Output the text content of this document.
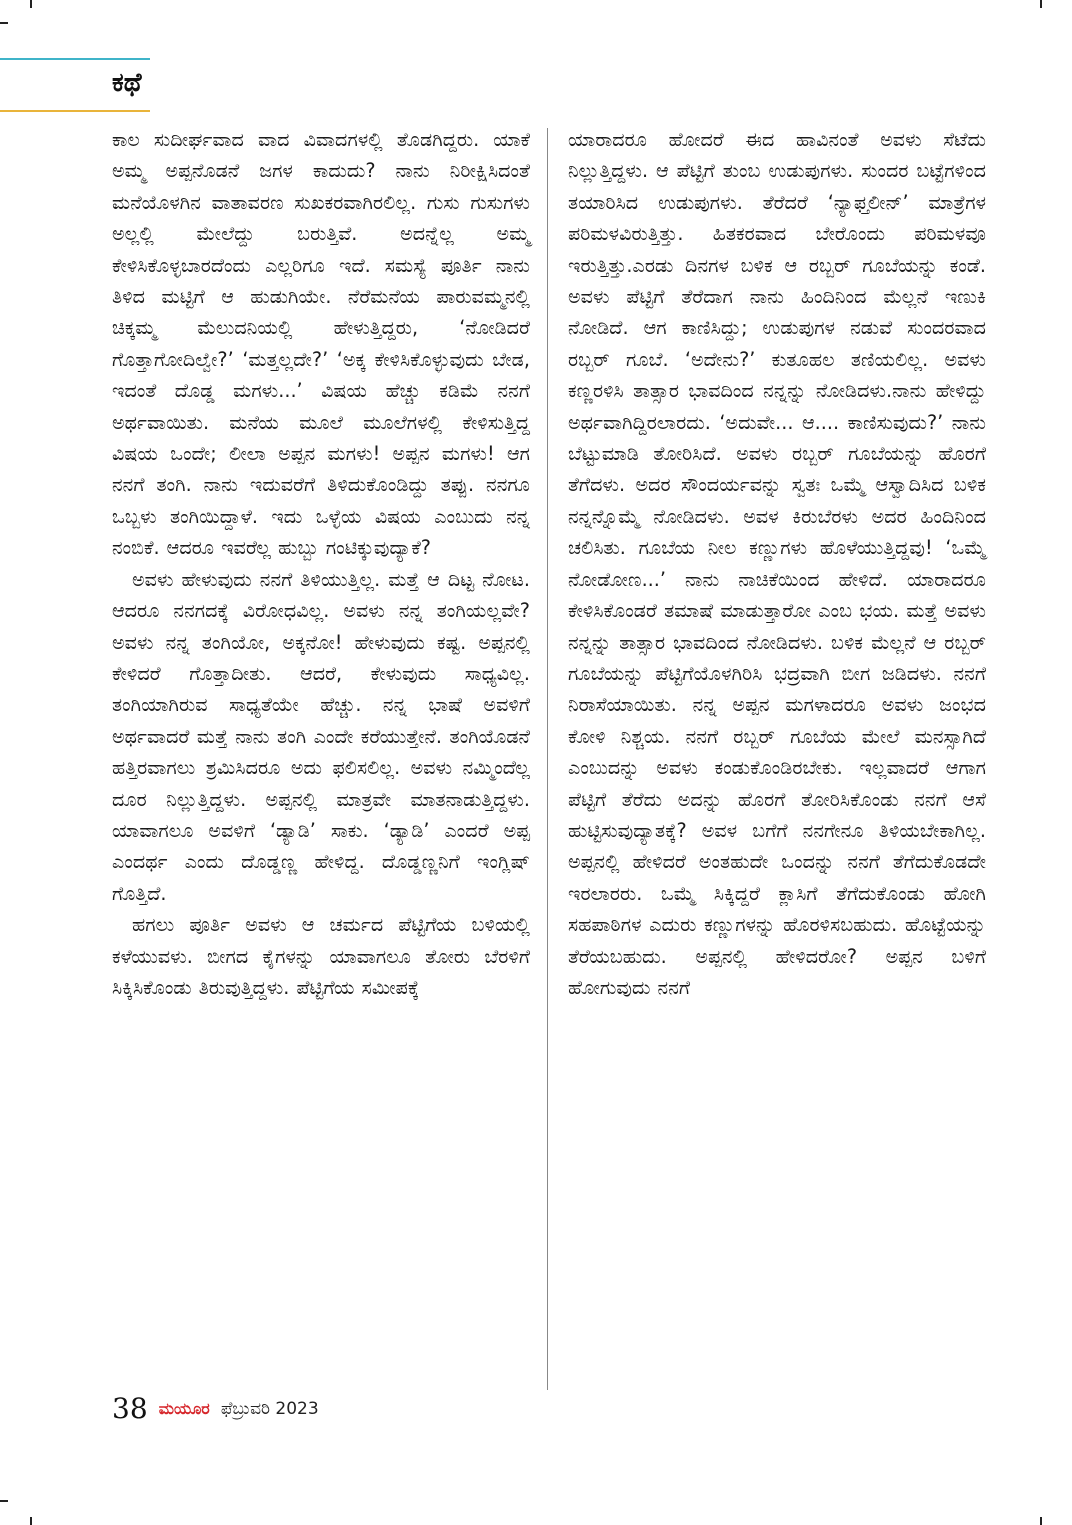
ಕಥೆ

ಕಾಲ ಸುದೀರ್ಘವಾದ ವಾದ ವಿವಾದಗಳಲ್ಲಿ ತೊಡಗಿದ್ದರು. ಯಾಕೆ ಅಮ್ಮ ಅಪ್ಪನೊಡನೆ ಜಗಳ ಕಾದುದು? ನಾನು ನಿರೀಕ್ಷಿಸಿದಂತೆ ಮನೆಯೊಳಗಿನ ವಾತಾವರಣ ಸುಖಕರವಾಗಿರಲಿಲ್ಲ. ಗುಸು ಗುಸುಗಳು ಅಲ್ಲಲ್ಲಿ ಮೇಲೆದ್ದು ಬರುತ್ತಿವೆ. ಅದನ್ನೆಲ್ಲ ಅಮ್ಮ ಕೇಳಿಸಿಕೊಳ್ಳಬಾರದೆಂದು ಎಲ್ಲರಿಗೂ ಇದೆ. ಸಮಸ್ಯೆ ಪೂರ್ತಿ ನಾನು ತಿಳಿದ ಮಟ್ಟಿಗೆ ಆ ಹುಡುಗಿಯೇ. ನೆರೆಮನೆಯ ಪಾರುವಮ್ಮನಲ್ಲಿ ಚಿಕ್ಕಮ್ಮ ಮೆಲುದನಿಯಲ್ಲಿ ಹೇಳುತ್ತಿದ್ದರು, ‘ನೋಡಿದರೆ ಗೊತ್ತಾಗೋದಿಲ್ವೇ?’ ‘ಮತ್ತಲ್ಲದೇ?’ ‘ಅಕ್ಕ ಕೇಳಿಸಿಕೊಳ್ಳುವುದು ಬೇಡ, ಇದಂತೆ ದೊಡ್ಡ ಮಗಳು...’ ವಿಷಯ ಹೆಚ್ಚು ಕಡಿಮೆ ನನಗೆ ಅರ್ಥವಾಯಿತು. ಮನೆಯ ಮೂಲೆ ಮೂಲೆಗಳಲ್ಲಿ ಕೇಳಿಸುತ್ತಿದ್ದ ವಿಷಯ ಒಂದೇ; ಲೀಲಾ ಅಪ್ಪನ ಮಗಳು! ಅಪ್ಪನ ಮಗಳು! ಆಗ ನನಗೆ ತಂಗಿ. ನಾನು ಇದುವರೆಗೆ ತಿಳಿದುಕೊಂಡಿದ್ದು ತಪ್ಪು. ನನಗೂ ಒಬ್ಬಳು ತಂಗಿಯಿದ್ದಾಳೆ. ಇದು ಒಳ್ಳೆಯ ವಿಷಯ ಎಂಬುದು ನನ್ನ ನಂಬಿಕೆ. ಆದರೂ ಇವರೆಲ್ಲ ಹುಬ್ಬು ಗಂಟಿಕ್ಕುವುದ್ಯಾಕೆ?

ಅವಳು ಹೇಳುವುದು ನನಗೆ ತಿಳಿಯುತ್ತಿಲ್ಲ. ಮತ್ತೆ ಆ ದಿಟ್ಟ ನೋಟ. ಆದರೂ ನನಗದಕ್ಕೆ ವಿರೋಧವಿಲ್ಲ. ಅವಳು ನನ್ನ ತಂಗಿಯಲ್ಲವೇ? ಅವಳು ನನ್ನ ತಂಗಿಯೋ, ಅಕ್ಕನೋ! ಹೇಳುವುದು ಕಷ್ಟ. ಅಪ್ಪನಲ್ಲಿ ಕೇಳಿದರೆ ಗೊತ್ತಾದೀತು. ಆದರೆ, ಕೇಳುವುದು ಸಾಧ್ಯವಿಲ್ಲ. ತಂಗಿಯಾಗಿರುವ ಸಾಧ್ಯತೆಯೇ ಹೆಚ್ಚು. ನನ್ನ ಭಾಷೆ ಅವಳಿಗೆ ಅರ್ಥವಾದರೆ ಮತ್ತೆ ನಾನು ತಂಗಿ ಎಂದೇ ಕರೆಯುತ್ತೇನೆ. ತಂಗಿಯೊಡನೆ ಹತ್ತಿರವಾಗಲು ಶ್ರಮಿಸಿದರೂ ಅದು ಫಲಿಸಲಿಲ್ಲ. ಅವಳು ನಮ್ಮಿಂದೆಲ್ಲ ದೂರ ನಿಲ್ಲುತ್ತಿದ್ದಳು. ಅಪ್ಪನಲ್ಲಿ ಮಾತ್ರವೇ ಮಾತನಾಡುತ್ತಿದ್ದಳು. ಯಾವಾಗಲೂ ಅವಳಿಗೆ ‘ಡ್ಯಾಡಿ’ ಸಾಕು. ‘ಡ್ಯಾಡಿ’ ಎಂದರೆ ಅಪ್ಪ ಎಂದರ್ಥ ಎಂದು ದೊಡ್ಡಣ್ಣ ಹೇಳಿದ್ದ. ದೊಡ್ಡಣ್ಣನಿಗೆ ಇಂಗ್ಲಿಷ್ ಗೊತ್ತಿದೆ.

ಹಗಲು ಪೂರ್ತಿ ಅವಳು ಆ ಚರ್ಮದ ಪೆಟ್ಟಿಗೆಯ ಬಳಿಯಲ್ಲಿ ಕಳೆಯುವಳು. ಬೀಗದ ಕೈಗಳನ್ನು ಯಾವಾಗಲೂ ತೋರು ಬೆರಳಿಗೆ ಸಿಕ್ಕಿಸಿಕೊಂಡು ತಿರುವುತ್ತಿದ್ದಳು. ಪೆಟ್ಟಿಗೆಯ ಸಮೀಪಕ್ಕೆ

ಯಾರಾದರೂ ಹೋದರೆ ಈದ ಹಾವಿನಂತೆ ಅವಳು ಸೆಟೆದು ನಿಲ್ಲುತ್ತಿದ್ದಳು. ಆ ಪೆಟ್ಟಿಗೆ ತುಂಬ ಉಡುಪುಗಳು. ಸುಂದರ ಬಟ್ಟೆಗಳಿಂದ ತಯಾರಿಸಿದ ಉಡುಪುಗಳು. ತೆರೆದರೆ ‘ನ್ಯಾಫ್ತಲೀನ್’ ಮಾತ್ರೆಗಳ ಪರಿಮಳವಿರುತ್ತಿತ್ತು. ಹಿತಕರವಾದ ಬೇರೊಂದು ಪರಿಮಳವೂ ಇರುತ್ತಿತ್ತು.ಎರಡು ದಿನಗಳ ಬಳಿಕ ಆ ರಬ್ಬರ್ ಗೂಬೆಯನ್ನು ಕಂಡೆ. ಅವಳು ಪೆಟ್ಟಿಗೆ ತೆರೆದಾಗ ನಾನು ಹಿಂದಿನಿಂದ ಮೆಲ್ಲನೆ ಇಣುಕಿ ನೋಡಿದೆ. ಆಗ ಕಾಣಿಸಿದ್ದು; ಉಡುಪುಗಳ ನಡುವೆ ಸುಂದರವಾದ ರಬ್ಬರ್ ಗೂಬೆ. ‘ಅದೇನು?’ ಕುತೂಹಲ ತಣಿಯಲಿಲ್ಲ. ಅವಳು ಕಣ್ಣರಳಿಸಿ ತಾತ್ಸಾರ ಭಾವದಿಂದ ನನ್ನನ್ನು ನೋಡಿದಳು.ನಾನು ಹೇಳಿದ್ದು ಅರ್ಥವಾಗಿದ್ದಿರಲಾರದು. ‘ಅದುವೇ... ಆ.... ಕಾಣಿಸುವುದು?’ ನಾನು ಬೆಟ್ಟುಮಾಡಿ ತೋರಿಸಿದೆ. ಅವಳು ರಬ್ಬರ್ ಗೂಬೆಯನ್ನು ಹೊರಗೆ ತೆಗೆದಳು. ಅದರ ಸೌಂದರ್ಯವನ್ನು ಸ್ವತಃ ಒಮ್ಮೆ ಆಸ್ವಾದಿಸಿದ ಬಳಿಕ ನನ್ನನ್ನೊಮ್ಮೆ ನೋಡಿದಳು. ಅವಳ ಕಿರುಬೆರಳು ಅದರ ಹಿಂದಿನಿಂದ ಚಲಿಸಿತು. ಗೂಬೆಯ ನೀಲ ಕಣ್ಣುಗಳು ಹೊಳೆಯುತ್ತಿದ್ದವು! ‘ಒಮ್ಮೆ ನೋಡೋಣ...’ ನಾನು ನಾಚಿಕೆಯಿಂದ ಹೇಳಿದೆ. ಯಾರಾದರೂ ಕೇಳಿಸಿಕೊಂಡರೆ ತಮಾಷೆ ಮಾಡುತ್ತಾರೋ ಎಂಬ ಭಯ. ಮತ್ತೆ ಅವಳು ನನ್ನನ್ನು ತಾತ್ಸಾರ ಭಾವದಿಂದ ನೋಡಿದಳು. ಬಳಿಕ ಮೆಲ್ಲನೆ ಆ ರಬ್ಬರ್ ಗೂಬೆಯನ್ನು ಪೆಟ್ಟಿಗೆಯೊಳಗಿರಿಸಿ ಭದ್ರವಾಗಿ ಬೀಗ ಜಡಿದಳು. ನನಗೆ ನಿರಾಸೆಯಾಯಿತು. ನನ್ನ ಅಪ್ಪನ ಮಗಳಾದರೂ ಅವಳು ಜಂಭದ ಕೋಳಿ ನಿಶ್ಚಯ. ನನಗೆ ರಬ್ಬರ್ ಗೂಬೆಯ ಮೇಲೆ ಮನಸ್ಸಾಗಿದೆ ಎಂಬುದನ್ನು ಅವಳು ಕಂಡುಕೊಂಡಿರಬೇಕು. ಇಲ್ಲವಾದರೆ ಆಗಾಗ ಪೆಟ್ಟಿಗೆ ತೆರೆದು ಅದನ್ನು ಹೊರಗೆ ತೋರಿಸಿಕೊಂಡು ನನಗೆ ಆಸೆ ಹುಟ್ಟಿಸುವುದ್ಯಾತಕ್ಕೆ? ಅವಳ ಬಗೆಗೆ ನನಗೇನೂ ತಿಳಿಯಬೇಕಾಗಿಲ್ಲ. ಅಪ್ಪನಲ್ಲಿ ಹೇಳಿದರೆ ಅಂತಹುದೇ ಒಂದನ್ನು ನನಗೆ ತೆಗೆದುಕೊಡದೇ ಇರಲಾರರು. ಒಮ್ಮೆ ಸಿಕ್ಕಿದ್ದರೆ ಕ್ಲಾಸಿಗೆ ತೆಗೆದುಕೊಂಡು ಹೋಗಿ ಸಹಪಾಠಿಗಳ ಎದುರು ಕಣ್ಣುಗಳನ್ನು ಹೊರಳಿಸಬಹುದು. ಹೊಟ್ಟೆಯನ್ನು ತೆರೆಯಬಹುದು. ಅಪ್ಪನಲ್ಲಿ ಹೇಳಿದರೋ? ಅಪ್ಪನ ಬಳಿಗೆ ಹೋಗುವುದು ನನಗೆ

38 ಮಯೂರ ಫೆಬ್ರುವರಿ 2023
